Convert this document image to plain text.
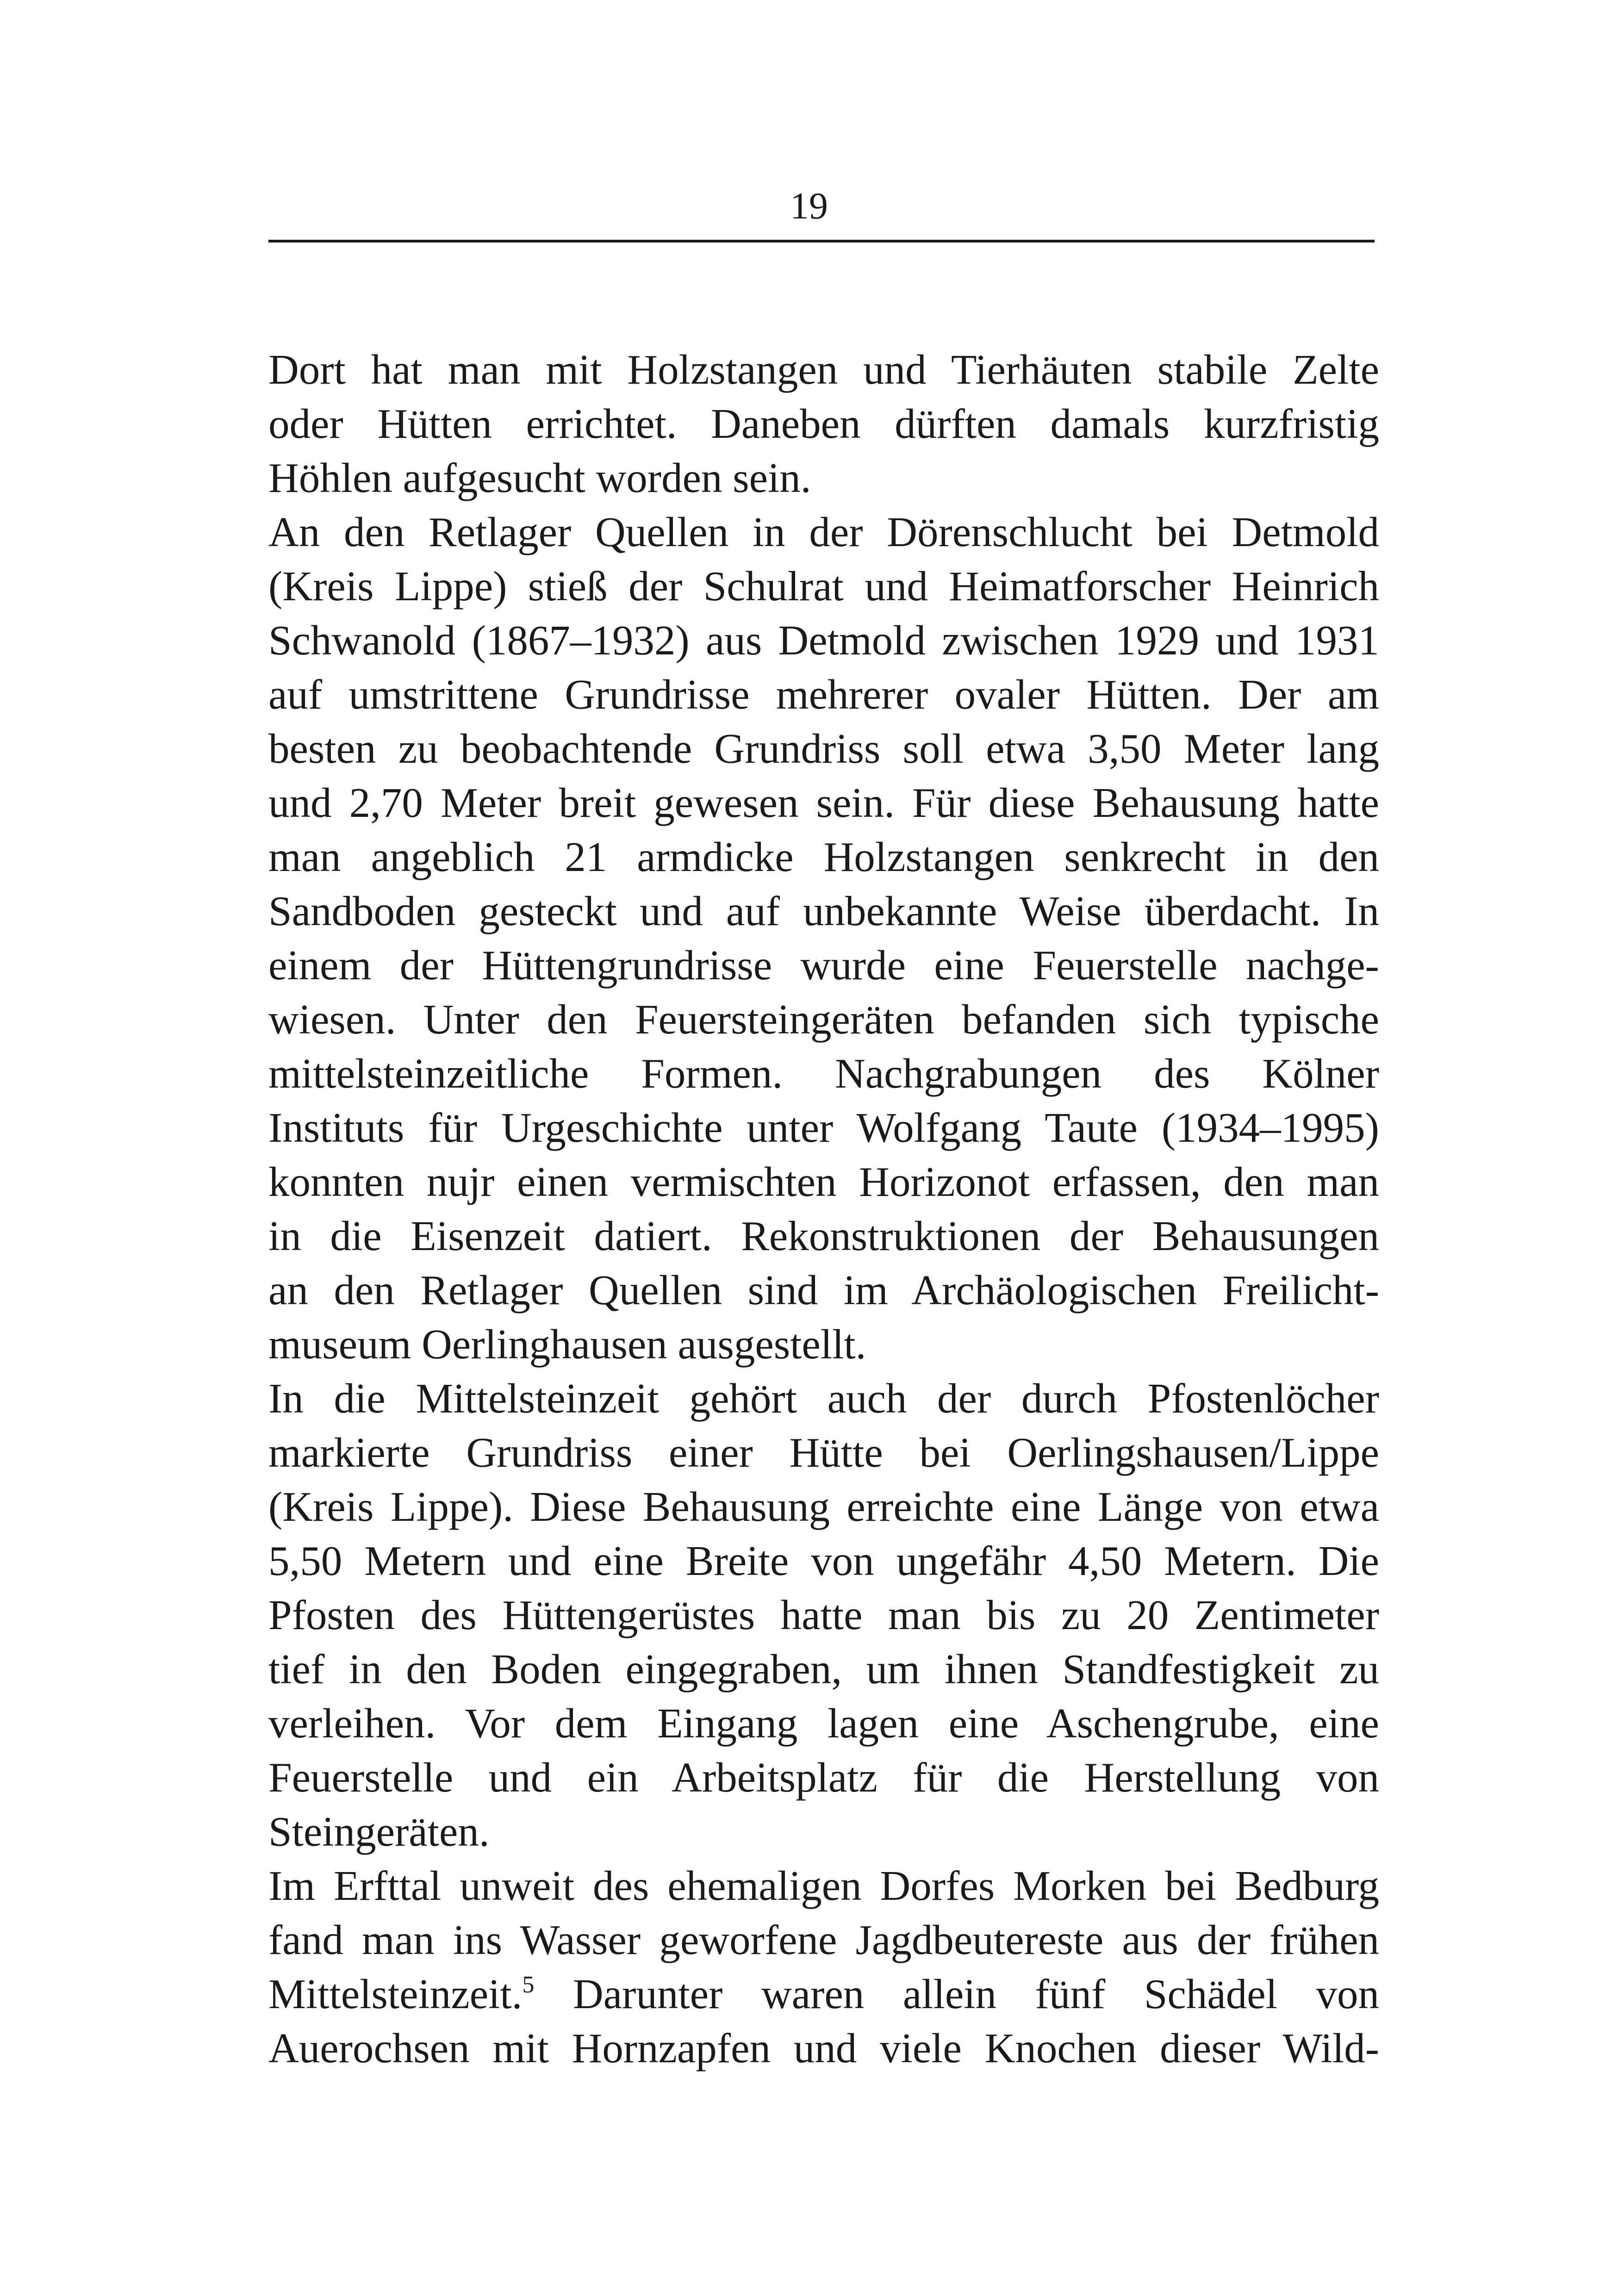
19
Dort hat man mit Holzstangen und Tierhäuten stabile Zelte
oder Hütten errichtet. Daneben dürften damals kurzfristig
Höhlen aufgesucht worden sein.
An den Retlager Quellen in der Dörenschlucht bei Detmold
(Kreis Lippe) stieß der Schulrat und Heimatforscher Heinrich
Schwanold (1867–1932) aus Detmold zwischen 1929 und 1931
auf umstrittene Grundrisse mehrerer ovaler Hütten. Der am
besten zu beobachtende Grundriss soll etwa 3,50 Meter lang
und 2,70 Meter breit gewesen sein. Für diese Behausung hatte
man angeblich 21 armdicke Holzstangen senkrecht in den
Sandboden gesteckt und auf unbekannte Weise überdacht. In
einem der Hüttengrundrisse wurde eine Feuerstelle nachge-
wiesen. Unter den Feuersteingeräten befanden sich typische
mittelsteinzeitliche Formen. Nachgrabungen des Kölner
Instituts für Urgeschichte unter Wolfgang Taute (1934–1995)
konnten nujr einen vermischten Horizonot erfassen, den man
in die Eisenzeit datiert. Rekonstruktionen der Behausungen
an den Retlager Quellen sind im Archäologischen Freilicht-
museum Oerlinghausen ausgestellt.
In die Mittelsteinzeit gehört auch der durch Pfostenlöcher
markierte Grundriss einer Hütte bei Oerlingshausen/Lippe
(Kreis Lippe). Diese Behausung erreichte eine Länge von etwa
5,50 Metern und eine Breite von ungefähr 4,50 Metern. Die
Pfosten des Hüttengerüstes hatte man bis zu 20 Zentimeter
tief in den Boden eingegraben, um ihnen Standfestigkeit zu
verleihen. Vor dem Eingang lagen eine Aschengrube, eine
Feuerstelle und ein Arbeitsplatz für die Herstellung von
Steingeräten.
Im Erfttal unweit des ehemaligen Dorfes Morken bei Bedburg
fand man ins Wasser geworfene Jagdbeutereste aus der frühen
Mittelsteinzeit.$^5$ Darunter waren allein fünf Schädel von
Auerochsen mit Hornzapfen und viele Knochen dieser Wild-
